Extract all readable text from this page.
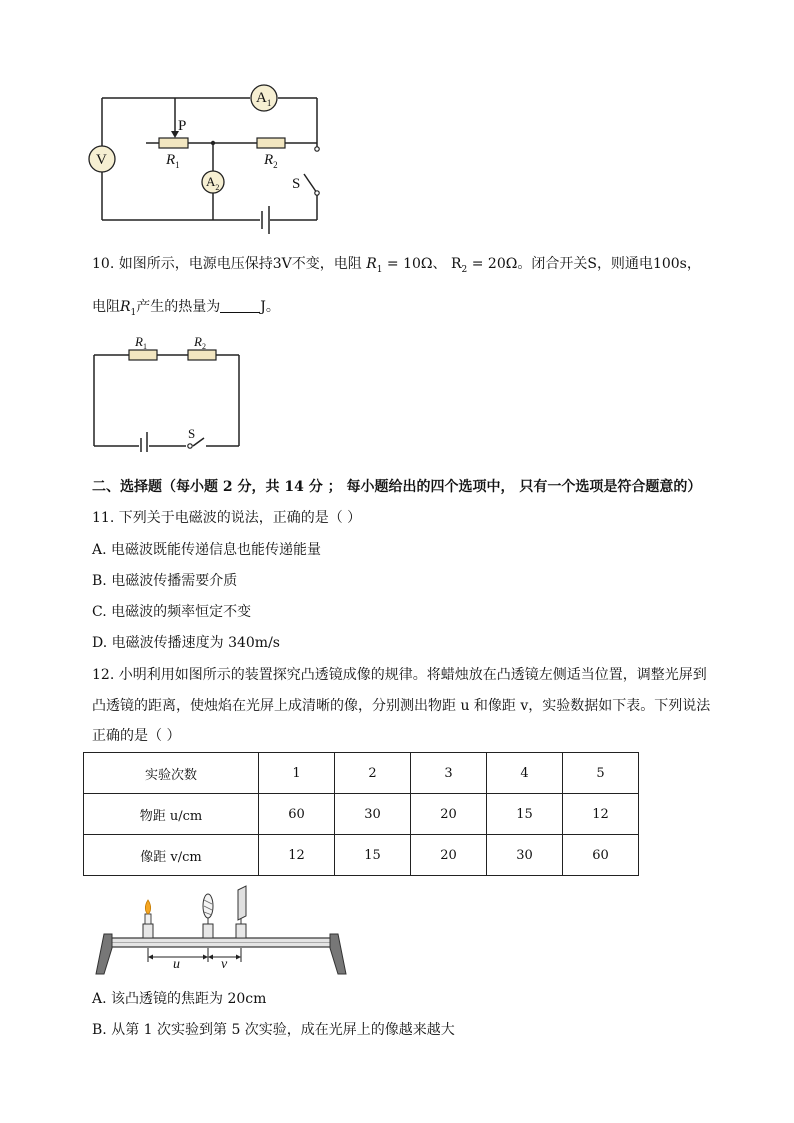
V
$A_1$
$A_2$
P
$R_1$	$R_2$
S
10. 如图所示，电源电压保持3V不变，电阻 $R_1 = 10\Omega$、 $R_2 = 20\Omega$。闭合开关S，则通电100s，
电阻$R_1$产生的热量为	J。
$R_1$	$R_2$
S
二、选择题（每小题 2 分，共 14 分 ； 每小题给出的四个选项中， 只有一个选项是符合题意的）
11. 下列关于电磁波的说法，正确的是（ ）
A. 电磁波既能传递信息也能传递能量
B. 电磁波传播需要介质
C. 电磁波的频率恒定不变
D. 电磁波传播速度为 340m/s
12. 小明利用如图所示的装置探究凸透镜成像的规律。将蜡烛放在凸透镜左侧适当位置，调整光屏到
凸透镜的距离，使烛焰在光屏上成清晰的像，分别测出物距 u 和像距 v，实验数据如下表。下列说法
正确的是（ ）
实验次数	1	2	3	4	5
物距 u/cm	60	30	20	15	12
像距 v/cm	12	15	20	30	60
u	v
A. 该凸透镜的焦距为 20cm
B. 从第 1 次实验到第 5 次实验，成在光屏上的像越来越大
